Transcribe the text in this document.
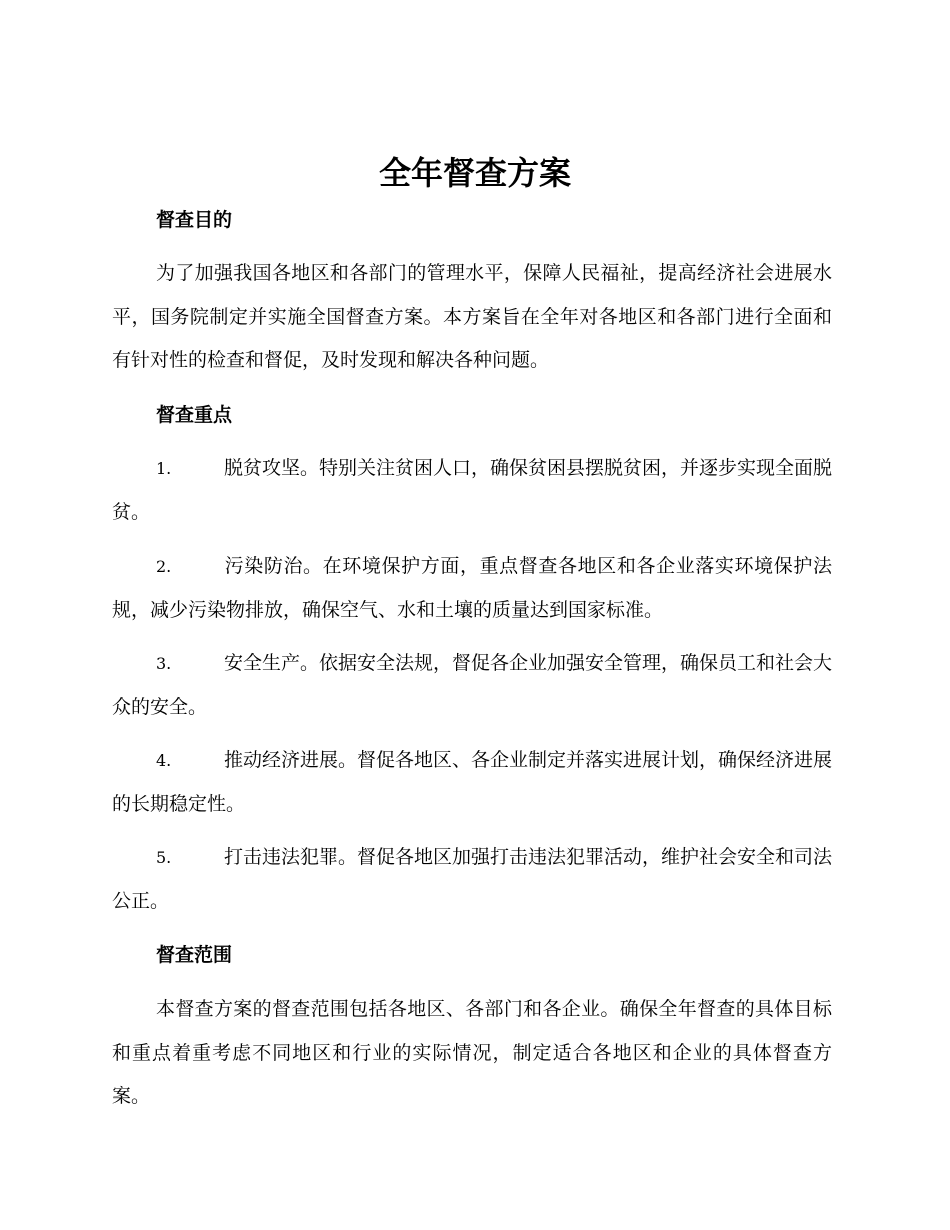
全年督查方案
督查目的

为了加强我国各地区和各部门的管理水平，保障人民福祉，提高经济社会进展水平，国务院制定并实施全国督查方案。本方案旨在全年对各地区和各部门进行全面和有针对性的检查和督促，及时发现和解决各种问题。

督查重点

1.	脱贫攻坚。特别关注贫困人口，确保贫困县摆脱贫困，并逐步实现全面脱贫。

2.	污染防治。在环境保护方面，重点督查各地区和各企业落实环境保护法规，减少污染物排放，确保空气、水和土壤的质量达到国家标准。

3.	安全生产。依据安全法规，督促各企业加强安全管理，确保员工和社会大众的安全。

4.	推动经济进展。督促各地区、各企业制定并落实进展计划，确保经济进展的长期稳定性。

5.	打击违法犯罪。督促各地区加强打击违法犯罪活动，维护社会安全和司法公正。

督查范围

本督查方案的督查范围包括各地区、各部门和各企业。确保全年督查的具体目标和重点着重考虑不同地区和行业的实际情况，制定适合各地区和企业的具体督查方案。
